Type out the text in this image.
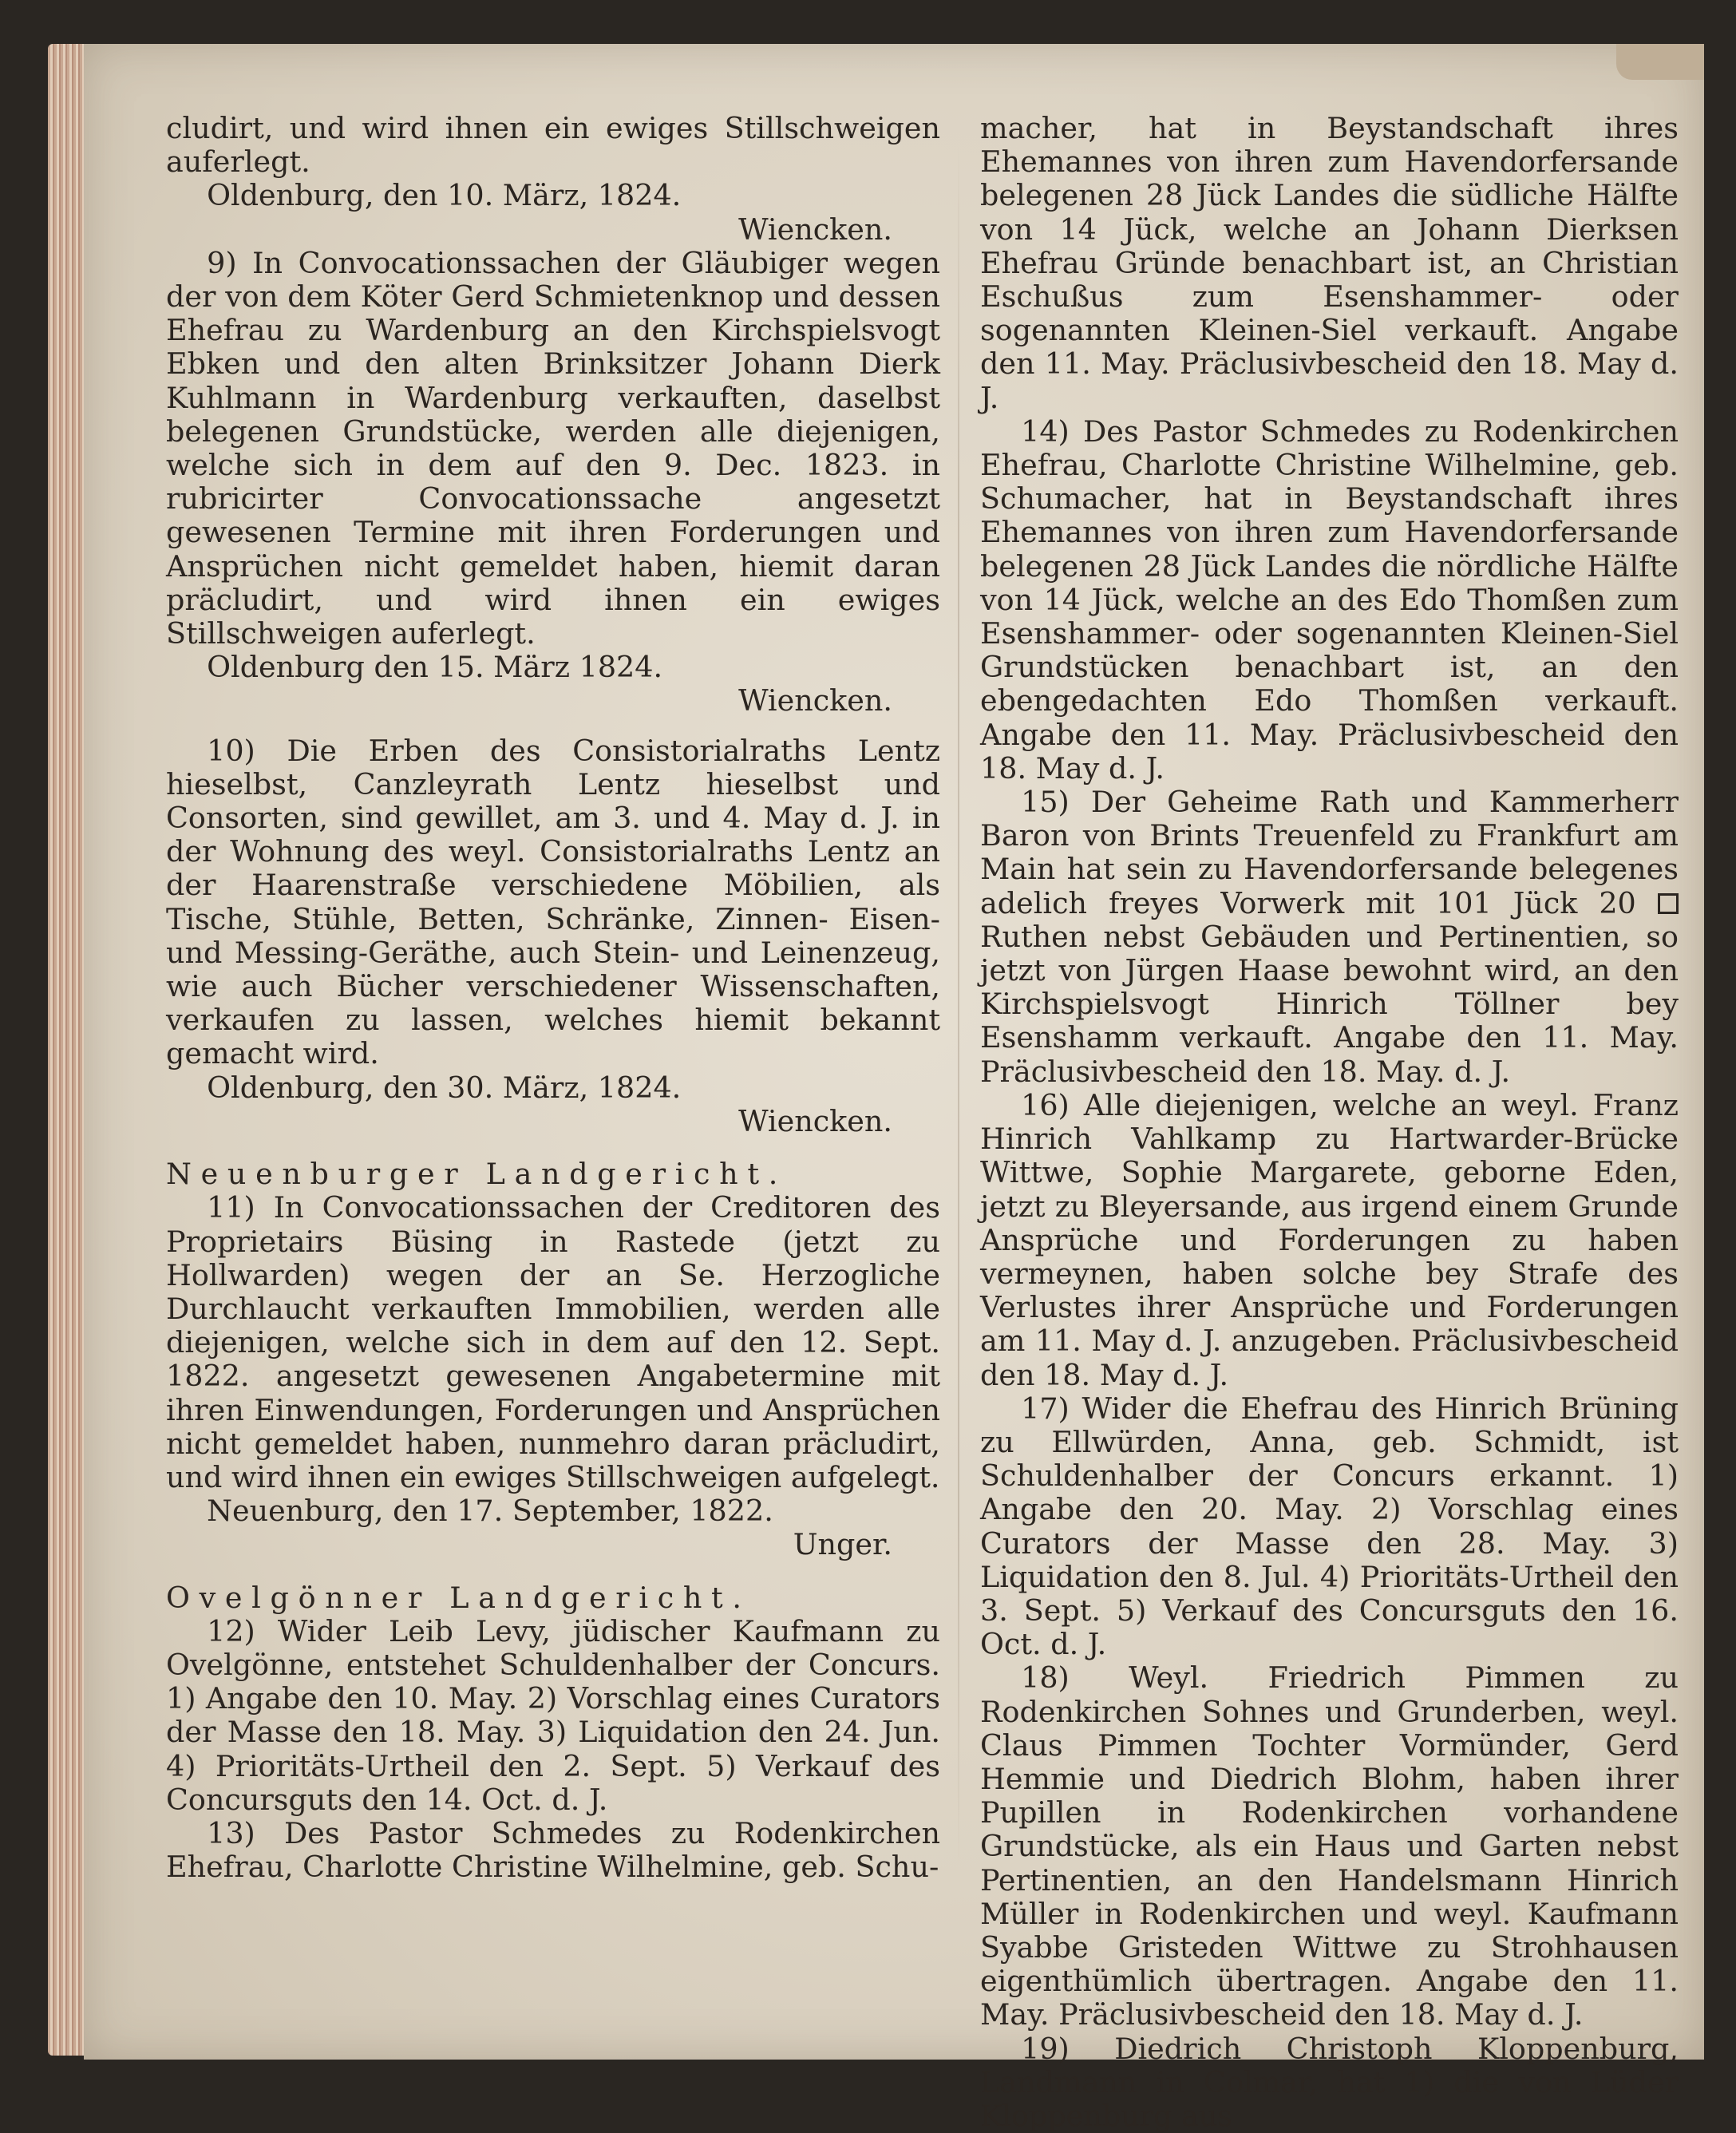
cludirt, und wird ihnen ein ewiges Stillschweigen auferlegt.

Oldenburg, den 10. März, 1824.

Wiencken.

9) In Convocationssachen der Gläubiger wegen der von dem Köter Gerd Schmietenknop und dessen Ehefrau zu Wardenburg an den Kirchspielsvogt Ebken und den alten Brinksitzer Johann Dierk Kuhlmann in Wardenburg verkauften, daselbst belegenen Grundstücke, werden alle diejenigen, welche sich in dem auf den 9. Dec. 1823. in rubricirter Convocationssache angesetzt gewesenen Termine mit ihren Forderungen und Ansprüchen nicht gemeldet haben, hiemit daran präcludirt, und wird ihnen ein ewiges Stillschweigen auferlegt.

Oldenburg den 15. März 1824.

Wiencken.

10) Die Erben des Consistorialraths Lentz hieselbst, Canzleyrath Lentz hieselbst und Consorten, sind gewillet, am 3. und 4. May d. J. in der Wohnung des weyl. Consistorialraths Lentz an der Haarenstraße verschiedene Möbilien, als Tische, Stühle, Betten, Schränke, Zinnen- Eisen- und Messing-Geräthe, auch Stein- und Leinenzeug, wie auch Bücher verschiedener Wissenschaften, verkaufen zu lassen, welches hiemit bekannt gemacht wird.

Oldenburg, den 30. März, 1824.

Wiencken.

Neuenburger Landgericht.

11) In Convocationssachen der Creditoren des Proprietairs Büsing in Rastede (jetzt zu Hollwarden) wegen der an Se. Herzogliche Durchlaucht verkauften Immobilien, werden alle diejenigen, welche sich in dem auf den 12. Sept. 1822. angesetzt gewesenen Angabetermine mit ihren Einwendungen, Forderungen und Ansprüchen nicht gemeldet haben, nunmehro daran präcludirt, und wird ihnen ein ewiges Stillschweigen aufgelegt.

Neuenburg, den 17. September, 1822.

Unger.

Ovelgönner Landgericht.

12) Wider Leib Levy, jüdischer Kaufmann zu Ovelgönne, entstehet Schuldenhalber der Concurs. 1) Angabe den 10. May. 2) Vorschlag eines Curators der Masse den 18. May. 3) Liquidation den 24. Jun. 4) Prioritäts-Urtheil den 2. Sept. 5) Verkauf des Concursguts den 14. Oct. d. J.

13) Des Pastor Schmedes zu Rodenkirchen Ehefrau, Charlotte Christine Wilhelmine, geb. Schu-

macher, hat in Beystandschaft ihres Ehemannes von ihren zum Havendorfersande belegenen 28 Jück Landes die südliche Hälfte von 14 Jück, welche an Johann Dierksen Ehefrau Gründe benachbart ist, an Christian Eschußus zum Esenshammer- oder sogenannten Kleinen-Siel verkauft. Angabe den 11. May. Präclusivbescheid den 18. May d. J.

14) Des Pastor Schmedes zu Rodenkirchen Ehefrau, Charlotte Christine Wilhelmine, geb. Schumacher, hat in Beystandschaft ihres Ehemannes von ihren zum Havendorfersande belegenen 28 Jück Landes die nördliche Hälfte von 14 Jück, welche an des Edo Thomßen zum Esenshammer- oder sogenannten Kleinen-Siel Grundstücken benachbart ist, an den ebengedachten Edo Thomßen verkauft. Angabe den 11. May. Präclusivbescheid den 18. May d. J.

15) Der Geheime Rath und Kammerherr Baron von Brints Treuenfeld zu Frankfurt am Main hat sein zu Havendorfersande belegenes adelich freyes Vorwerk mit 101 Jück 20  Ruthen nebst Gebäuden und Pertinentien, so jetzt von Jürgen Haase bewohnt wird, an den Kirchspielsvogt Hinrich Töllner bey Esenshamm verkauft. Angabe den 11. May. Präclusivbescheid den 18. May. d. J.

16) Alle diejenigen, welche an weyl. Franz Hinrich Vahlkamp zu Hartwarder-Brücke Wittwe, Sophie Margarete, geborne Eden, jetzt zu Bleyersande, aus irgend einem Grunde Ansprüche und Forderungen zu haben vermeynen, haben solche bey Strafe des Verlustes ihrer Ansprüche und Forderungen am 11. May d. J. anzugeben. Präclusivbescheid den 18. May d. J.

17) Wider die Ehefrau des Hinrich Brüning zu Ellwürden, Anna, geb. Schmidt, ist Schuldenhalber der Concurs erkannt. 1) Angabe den 20. May. 2) Vorschlag eines Curators der Masse den 28. May. 3) Liquidation den 8. Jul. 4) Prioritäts-Urtheil den 3. Sept. 5) Verkauf des Concursguts den 16. Oct. d. J.

18) Weyl. Friedrich Pimmen zu Rodenkirchen Sohnes und Grunderben, weyl. Claus Pimmen Tochter Vormünder, Gerd Hemmie und Diedrich Blohm, haben ihrer Pupillen in Rodenkirchen vorhandene Grundstücke, als ein Haus und Garten nebst Pertinentien, an den Handelsmann Hinrich Müller in Rodenkirchen und weyl. Kaufmann Syabbe Gristeden Wittwe zu Strohhausen eigenthümlich übertragen. Angabe den 11. May. Präclusivbescheid den 18. May d. J.

19) Diedrich Christoph Kloppenburg, Landmann in Colmar, hat 1) die von Lüder Kloppenburg aus
